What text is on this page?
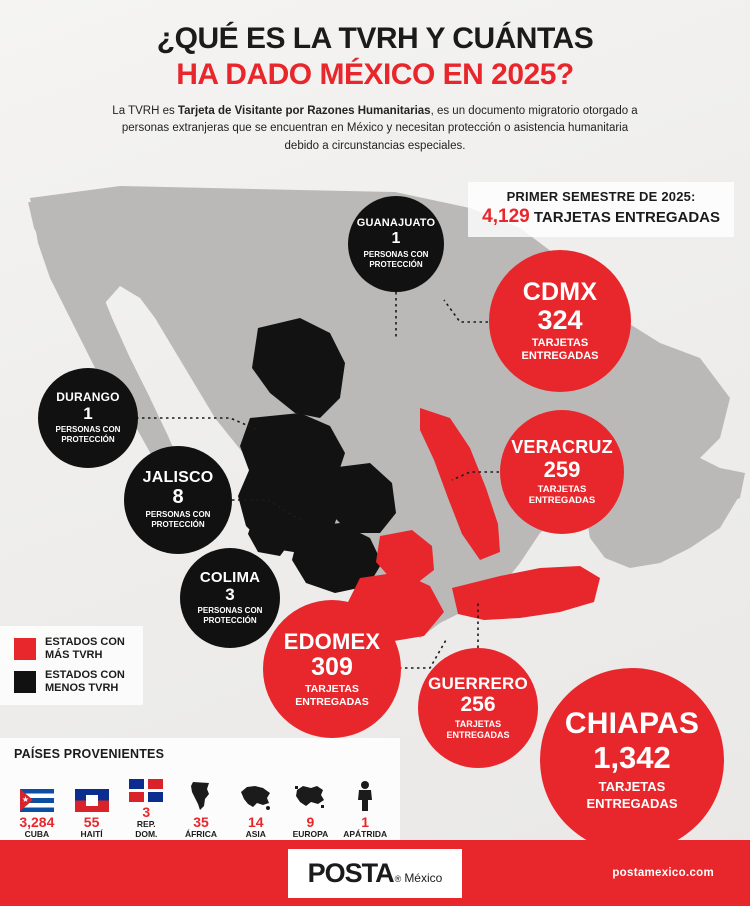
¿QUÉ ES LA TVRH Y CUÁNTAS
HA DADO MÉXICO EN 2025?
La TVRH es Tarjeta de Visitante por Razones Humanitarias, es un documento migratorio otorgado a personas extranjeras que se encuentran en México y necesitan protección o asistencia humanitaria debido a circunstancias especiales.
PRIMER SEMESTRE DE 2025:
4,129 TARJETAS ENTREGADAS
CDMX
324
TARJETAS
ENTREGADAS
VERACRUZ
259
TARJETAS
ENTREGADAS
EDOMEX
309
TARJETAS
ENTREGADAS
GUERRERO
256
TARJETAS
ENTREGADAS CHIAPAS
1,342
TARJETAS
ENTREGADAS
GUANAJUATO
1
PERSONAS CON
PROTECCIÓN
DURANGO
1
PERSONAS CON
PROTECCIÓN
JALISCO
8
PERSONAS CON
PROTECCIÓN
COLIMA
3
PERSONAS CON
PROTECCIÓN
ESTADOS CON
MÁS TVRH
ESTADOS CON
MENOS TVRH
PAÍSES PROVENIENTES
★
3,284
CUBA
55
HAITÍ
3
REP.
DOM.
35
ÁFRICA
14
ASIA
9
EUROPA
1
APÁTRIDA
POSTA ® México	postamexico.com
